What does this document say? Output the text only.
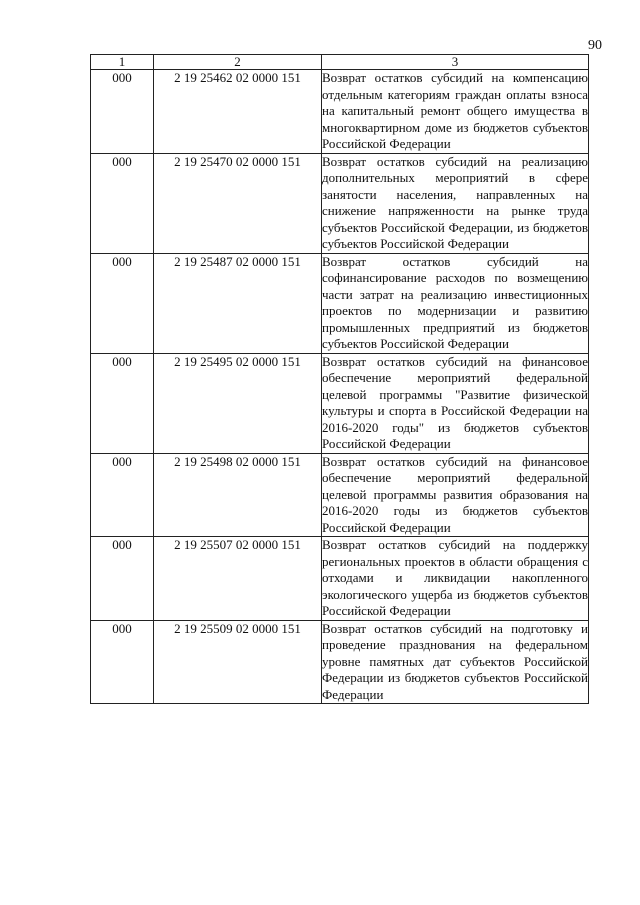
90
1	2	3
000	2 19 25462 02 0000 151	Возврат остатков субсидий на компенсацию отдельным категориям граждан оплаты взноса на капитальный ремонт общего имущества в многоквартирном доме из бюджетов субъектов Российской Федерации
000	2 19 25470 02 0000 151	Возврат остатков субсидий на реализацию дополнительных мероприятий в сфере занятости населения, направленных на снижение напряженности на рынке труда субъектов Российской Федерации, из бюджетов субъектов Российской Федерации
000	2 19 25487 02 0000 151	Возврат остатков субсидий на софинансирование расходов по возмещению части затрат на реализацию инвестиционных проектов по модернизации и развитию промышленных предприятий из бюджетов субъектов Российской Федерации
000	2 19 25495 02 0000 151	Возврат остатков субсидий на финансовое обеспечение мероприятий федеральной целевой программы "Развитие физической культуры и спорта в Российской Федерации на 2016-2020 годы" из бюджетов субъектов Российской Федерации
000	2 19 25498 02 0000 151	Возврат остатков субсидий на финансовое обеспечение мероприятий федеральной целевой программы развития образования на 2016-2020 годы из бюджетов субъектов Российской Федерации
000	2 19 25507 02 0000 151	Возврат остатков субсидий на поддержку региональных проектов в области обращения с отходами и ликвидации накопленного экологического ущерба из бюджетов субъектов Российской Федерации
000	2 19 25509 02 0000 151	Возврат остатков субсидий на подготовку и проведение празднования на федеральном уровне памятных дат субъектов Российской Федерации из бюджетов субъектов Российской Федерации
